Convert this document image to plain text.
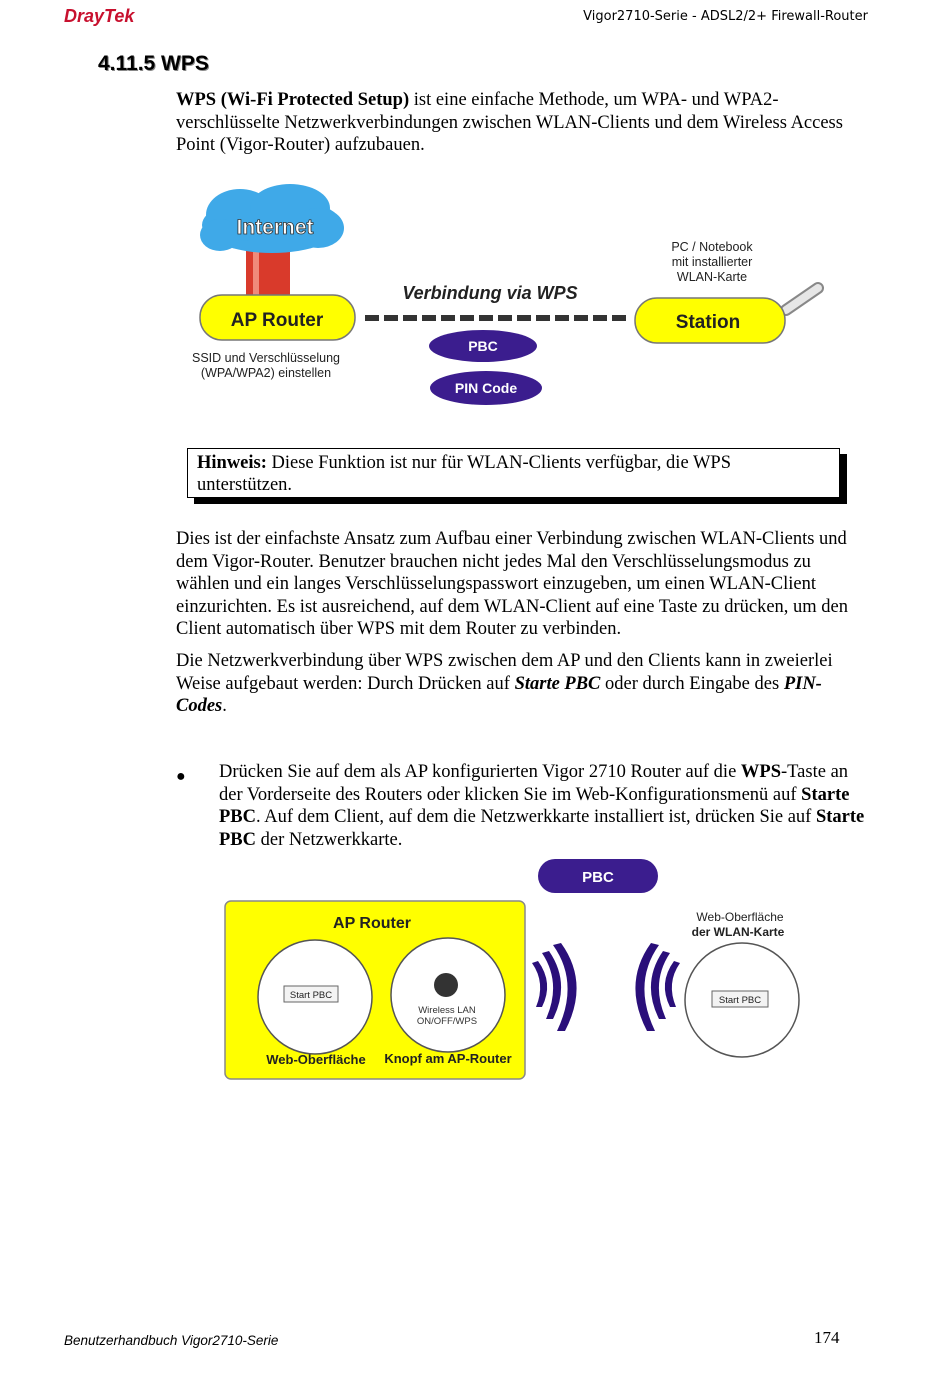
DrayTek	Vigor2710-Serie - ADSL2/2+ Firewall-Router
4.11.5 WPS
WPS (Wi-Fi Protected Setup) ist eine einfache Methode, um WPA- und WPA2-verschlüsselte Netzwerkverbindungen zwischen WLAN-Clients und dem Wireless Access Point (Vigor-Router) aufzubauen.
Internet
AP Router
SSID und Verschlüsselung
(WPA/WPA2) einstellen
Verbindung via WPS
PBC
PIN Code
PC / Notebook
mit installierter
WLAN-Karte
Station
Hinweis: Diese Funktion ist nur für WLAN-Clients verfügbar, die WPS unterstützen.
Dies ist der einfachste Ansatz zum Aufbau einer Verbindung zwischen WLAN-Clients und dem Vigor-Router. Benutzer brauchen nicht jedes Mal den Verschlüsselungsmodus zu wählen und ein langes Verschlüsselungspasswort einzugeben, um einen WLAN-Client einzurichten. Es ist ausreichend, auf dem WLAN-Client auf eine Taste zu drücken, um den Client automatisch über WPS mit dem Router zu verbinden.
Die Netzwerkverbindung über WPS zwischen dem AP und den Clients kann in zweierlei Weise aufgebaut werden: Durch Drücken auf Starte PBC oder durch Eingabe des PIN-Codes.
● Drücken Sie auf dem als AP konfigurierten Vigor 2710 Router auf die WPS-Taste an der Vorderseite des Routers oder klicken Sie im Web-Konfigurationsmenü auf Starte PBC. Auf dem Client, auf dem die Netzwerkkarte installiert ist, drücken Sie auf Starte PBC der Netzwerkkarte.
PBC
AP Router
Start PBC
Wireless LAN
ON/OFF/WPS
Web-Oberfläche Knopf am AP-Router
Web-Oberfläche
der WLAN-Karte
Start PBC
Benutzerhandbuch Vigor2710-Serie	174
